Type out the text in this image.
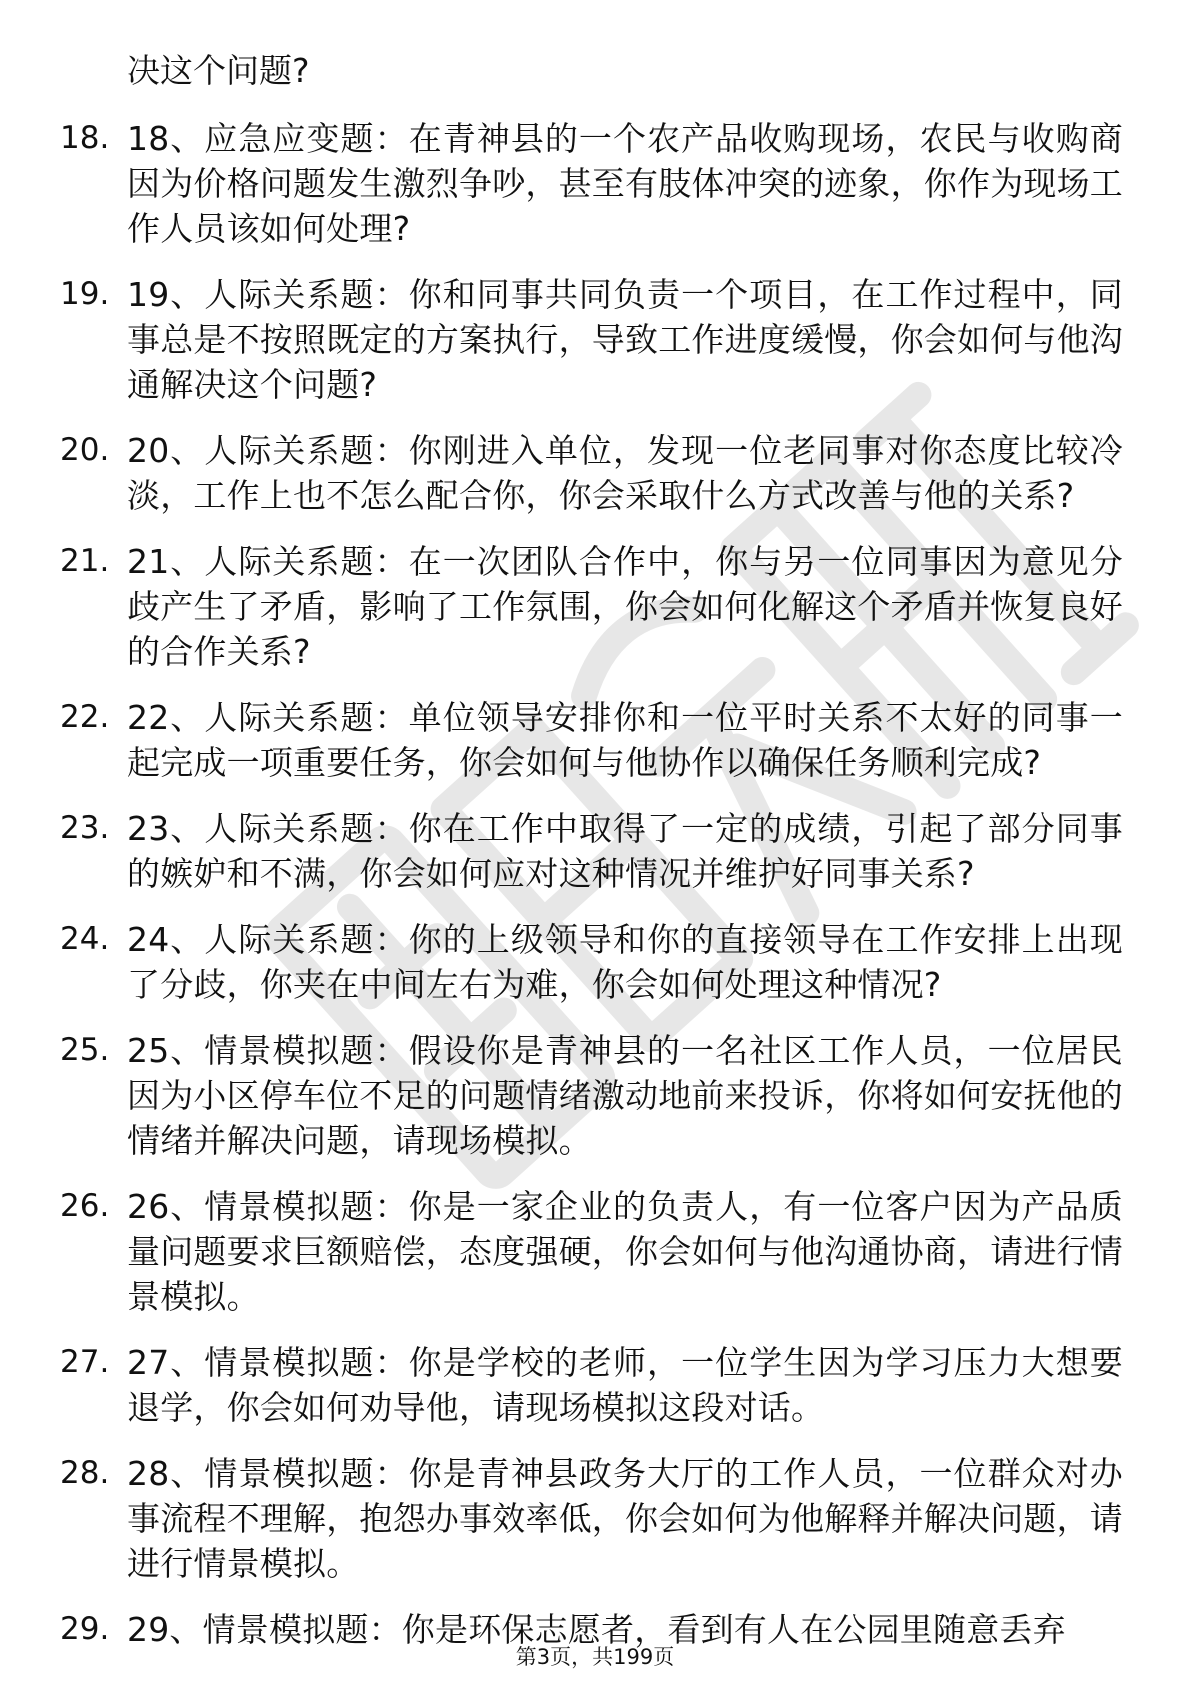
决这个问题?
18. 18、应急应变题：在青神县的一个农产品收购现场，农民与收购商因为价格问题发生激烈争吵，甚至有肢体冲突的迹象，你作为现场工作人员该如何处理?
19. 19、人际关系题：你和同事共同负责一个项目，在工作过程中，同事总是不按照既定的方案执行，导致工作进度缓慢，你会如何与他沟通解决这个问题?
20. 20、人际关系题：你刚进入单位，发现一位老同事对你态度比较冷淡，工作上也不怎么配合你，你会采取什么方式改善与他的关系?
21. 21、人际关系题：在一次团队合作中，你与另一位同事因为意见分歧产生了矛盾，影响了工作氛围，你会如何化解这个矛盾并恢复良好的合作关系?
22. 22、人际关系题：单位领导安排你和一位平时关系不太好的同事一起完成一项重要任务，你会如何与他协作以确保任务顺利完成?
23. 23、人际关系题：你在工作中取得了一定的成绩，引起了部分同事的嫉妒和不满，你会如何应对这种情况并维护好同事关系?
24. 24、人际关系题：你的上级领导和你的直接领导在工作安排上出现了分歧，你夹在中间左右为难，你会如何处理这种情况?
25. 25、情景模拟题：假设你是青神县的一名社区工作人员，一位居民因为小区停车位不足的问题情绪激动地前来投诉，你将如何安抚他的情绪并解决问题，请现场模拟。
26. 26、情景模拟题：你是一家企业的负责人，有一位客户因为产品质量问题要求巨额赔偿，态度强硬，你会如何与他沟通协商，请进行情景模拟。
27. 27、情景模拟题：你是学校的老师，一位学生因为学习压力大想要退学，你会如何劝导他，请现场模拟这段对话。
28. 28、情景模拟题：你是青神县政务大厅的工作人员，一位群众对办事流程不理解，抱怨办事效率低，你会如何为他解释并解决问题，请进行情景模拟。
29. 29、情景模拟题：你是环保志愿者，看到有人在公园里随意丢弃
第3页，共199页
